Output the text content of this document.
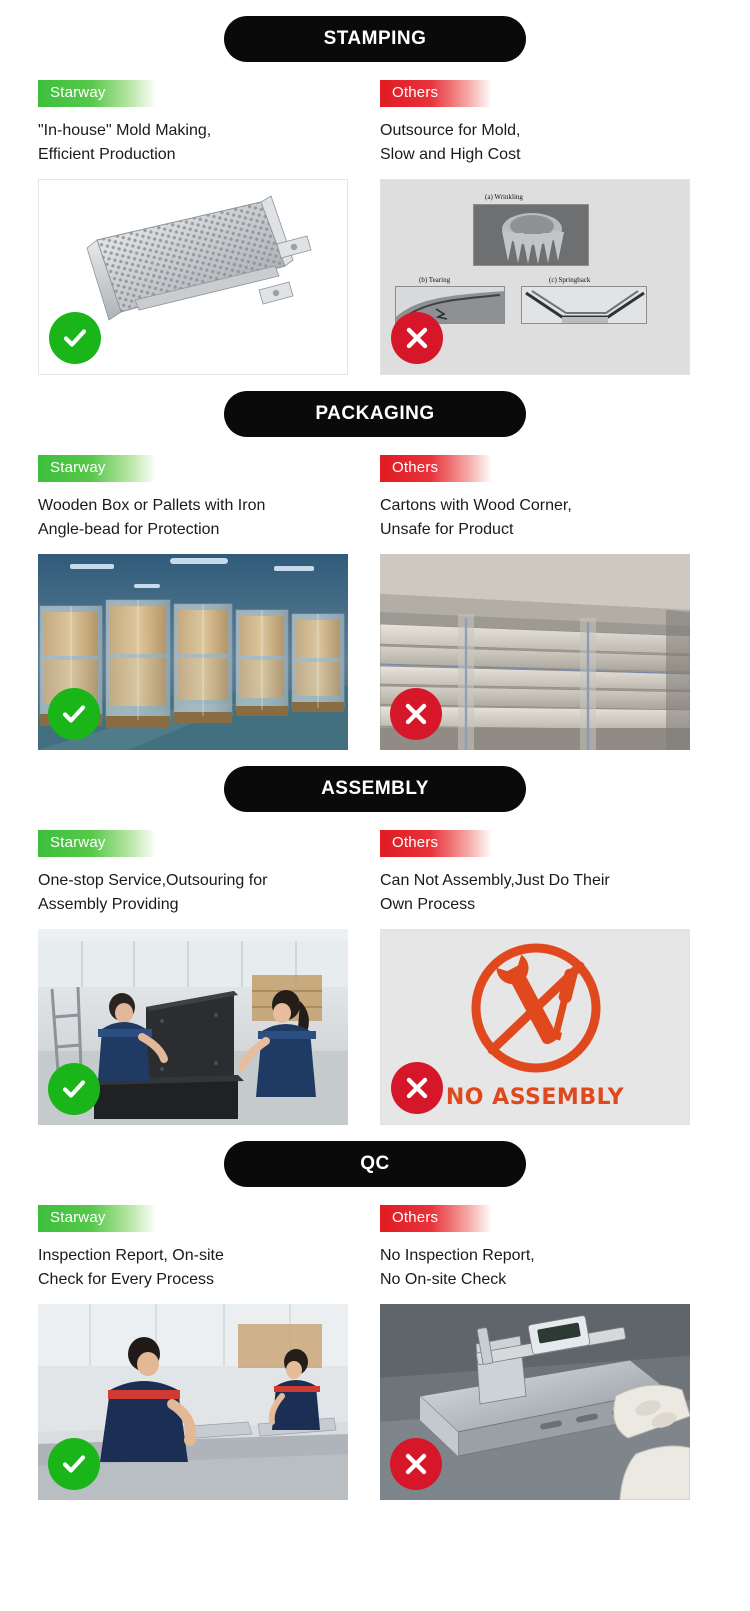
STAMPING
Starway
"In-house" Mold Making,
Efficient Production
Others
Outsource for Mold,
Slow and High Cost
(a) Wrinkling
(b) Tearing	(c) Springback
PACKAGING
Starway
Wooden Box or Pallets with Iron
Angle-bead for Protection
Others
Cartons with Wood Corner,
Unsafe for Product
ASSEMBLY
Starway
One-stop Service,Outsouring for
Assembly Providing
Others
Can Not Assembly,Just Do Their
Own Process
NO ASSEMBLY
QC
Starway
Inspection Report, On-site
Check for Every Process
Others
No Inspection Report,
No On-site Check
